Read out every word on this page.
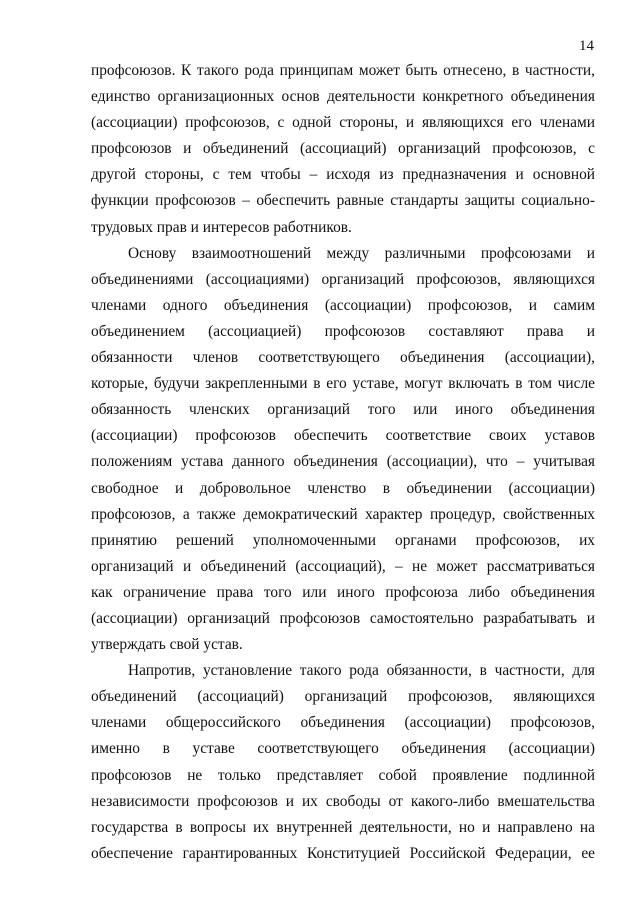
14

профсоюзов. К такого рода принципам может быть отнесено, в частности,
единство организационных основ деятельности конкретного объединения
(ассоциации) профсоюзов, с одной стороны, и являющихся его членами
профсоюзов и объединений (ассоциаций) организаций профсоюзов, с
другой стороны, с тем чтобы – исходя из предназначения и основной
функции профсоюзов – обеспечить равные стандарты защиты социально-
трудовых прав и интересов работников.

Основу взаимоотношений между различными профсоюзами и
объединениями (ассоциациями) организаций профсоюзов, являющихся
членами одного объединения (ассоциации) профсоюзов, и самим
объединением (ассоциацией) профсоюзов составляют права и
обязанности членов соответствующего объединения (ассоциации),
которые, будучи закрепленными в его уставе, могут включать в том числе
обязанность членских организаций того или иного объединения
(ассоциации) профсоюзов обеспечить соответствие своих уставов
положениям устава данного объединения (ассоциации), что – учитывая
свободное и добровольное членство в объединении (ассоциации)
профсоюзов, а также демократический характер процедур, свойственных
принятию решений уполномоченными органами профсоюзов, их
организаций и объединений (ассоциаций), – не может рассматриваться
как ограничение права того или иного профсоюза либо объединения
(ассоциации) организаций профсоюзов самостоятельно разрабатывать и
утверждать свой устав.

Напротив, установление такого рода обязанности, в частности, для
объединений (ассоциаций) организаций профсоюзов, являющихся
членами общероссийского объединения (ассоциации) профсоюзов,
именно в уставе соответствующего объединения (ассоциации)
профсоюзов не только представляет собой проявление подлинной
независимости профсоюзов и их свободы от какого-либо вмешательства
государства в вопросы их внутренней деятельности, но и направлено на
обеспечение гарантированных Конституцией Российской Федерации, ее
